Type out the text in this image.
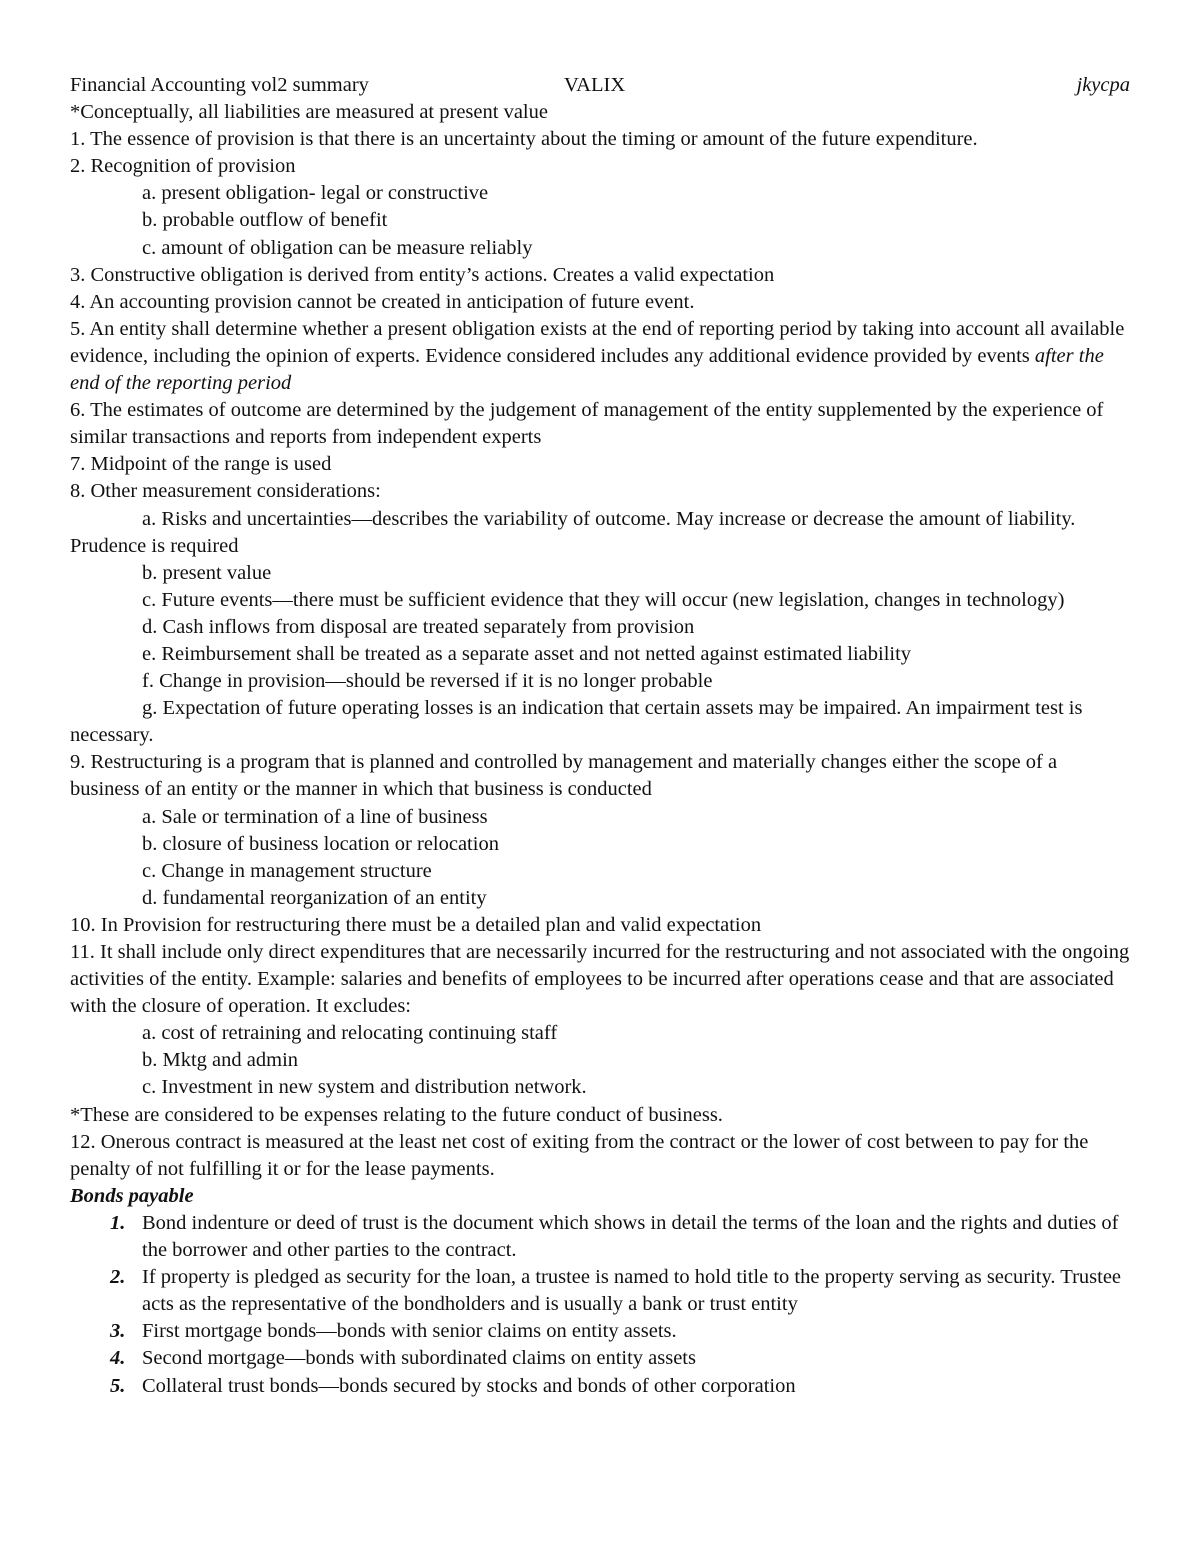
Financial Accounting vol2 summary	VALIX	jkycpa

*Conceptually, all liabilities are measured at present value

1. The essence of provision is that there is an uncertainty about the timing or amount of the future expenditure.

2. Recognition of provision

a. present obligation- legal or constructive

b. probable outflow of benefit

c. amount of obligation can be measure reliably

3. Constructive obligation is derived from entity’s actions. Creates a valid expectation

4. An accounting provision cannot be created in anticipation of future event.

5. An entity shall determine whether a present obligation exists at the end of reporting period by taking into account all available evidence, including the opinion of experts. Evidence considered includes any additional evidence provided by events after the end of the reporting period

6. The estimates of outcome are determined by the judgement of management of the entity supplemented by the experience of similar transactions and reports from independent experts

7. Midpoint of the range is used

8. Other measurement considerations:

a. Risks and uncertainties—describes the variability of outcome. May increase or decrease the amount of liability. Prudence is required

b. present value

c. Future events—there must be sufficient evidence that they will occur (new legislation, changes in technology)

d. Cash inflows from disposal are treated separately from provision

e. Reimbursement shall be treated as a separate asset and not netted against estimated liability

f. Change in provision—should be reversed if it is no longer probable

g. Expectation of future operating losses is an indication that certain assets may be impaired. An impairment test is necessary.

9. Restructuring is a program that is planned and controlled by management and materially changes either the scope of a business of an entity or the manner in which that business is conducted

a. Sale or termination of a line of business

b. closure of business location or relocation

c. Change in management structure

d. fundamental reorganization of an entity

10. In Provision for restructuring there must be a detailed plan and valid expectation

11. It shall include only direct expenditures that are necessarily incurred for the restructuring and not associated with the ongoing activities of the entity. Example: salaries and benefits of employees to be incurred after operations cease and that are associated with the closure of operation. It excludes:

a. cost of retraining and relocating continuing staff

b. Mktg and admin

c. Investment in new system and distribution network.

*These are considered to be expenses relating to the future conduct of business.

12. Onerous contract is measured at the least net cost of exiting from the contract or the lower of cost between to pay for the penalty of not fulfilling it or for the lease payments.

Bonds payable

1. Bond indenture or deed of trust is the document which shows in detail the terms of the loan and the rights and duties of the borrower and other parties to the contract.
2. If property is pledged as security for the loan, a trustee is named to hold title to the property serving as security. Trustee acts as the representative of the bondholders and is usually a bank or trust entity
3. First mortgage bonds—bonds with senior claims on entity assets.
4. Second mortgage—bonds with subordinated claims on entity assets
5. Collateral trust bonds—bonds secured by stocks and bonds of other corporation
